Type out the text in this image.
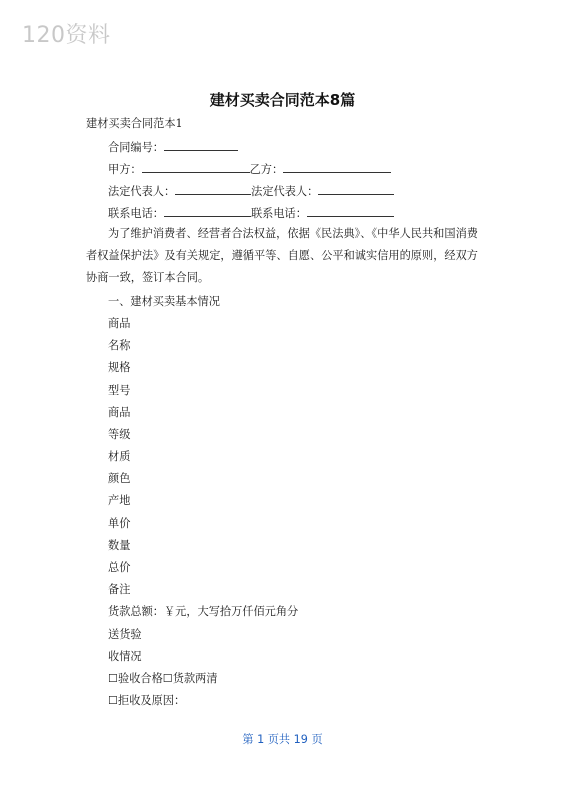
120资料
建材买卖合同范本8篇
建材买卖合同范本1
合同编号：
甲方：	乙方：
法定代表人：	法定代表人：
联系电话：	联系电话：
为了维护消费者、经营者合法权益，依据《民法典》、《中华人民共和国消费者权益保护法》及有关规定，遵循平等、自愿、公平和诚实信用的原则，经双方协商一致，签订本合同。
一、建材买卖基本情况
商品
名称
规格
型号
商品
等级
材质
颜色
产地
单价
数量
总价
备注
货款总额：￥元，大写拾万仟佰元角分
送货验
收情况
☐验收合格☐货款两清
☐拒收及原因：
第 1 页共 19 页
